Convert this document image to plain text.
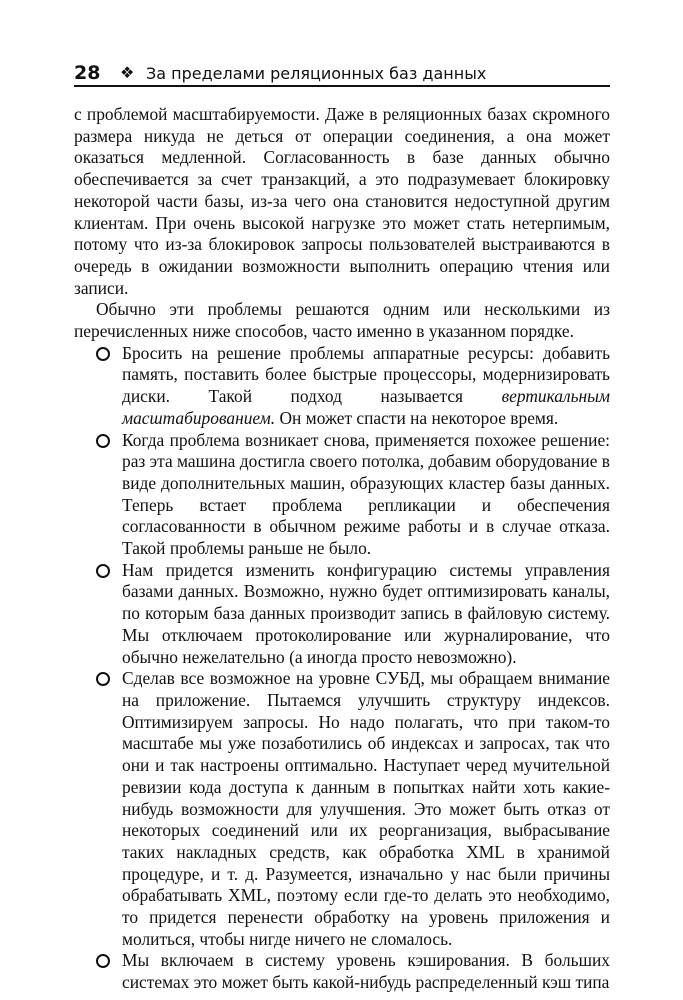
28 ❖ За пределами реляционных баз данных

с проблемой масштабируемости. Даже в реляционных базах скромного размера никуда не деться от операции соединения, а она может оказаться медленной. Согласованность в базе данных обычно обеспечивается за счет транзакций, а это подразумевает блокировку некоторой части базы, из-за чего она становится недоступной другим клиентам. При очень высокой нагрузке это может стать нетерпимым, потому что из-за блокировок запросы пользователей выстраиваются в очередь в ожидании возможности выполнить операцию чтения или записи.

Обычно эти проблемы решаются одним или несколькими из перечисленных ниже способов, часто именно в указанном порядке.

Бросить на решение проблемы аппаратные ресурсы: добавить память, поставить более быстрые процессоры, модернизировать диски. Такой подход называется вертикальным масштабированием. Он может спасти на некоторое время.
Когда проблема возникает снова, применяется похожее решение: раз эта машина достигла своего потолка, добавим оборудование в виде дополнительных машин, образующих кластер базы данных. Теперь встает проблема репликации и обеспечения согласованности в обычном режиме работы и в случае отказа. Такой проблемы раньше не было.
Нам придется изменить конфигурацию системы управления базами данных. Возможно, нужно будет оптимизировать каналы, по которым база данных производит запись в файловую систему. Мы отключаем протоколирование или журналирование, что обычно нежелательно (а иногда просто невозможно).
Сделав все возможное на уровне СУБД, мы обращаем внимание на приложение. Пытаемся улучшить структуру индексов. Оптимизируем запросы. Но надо полагать, что при таком-то масштабе мы уже позаботились об индексах и запросах, так что они и так настроены оптимально. Наступает черед мучительной ревизии кода доступа к данным в попытках найти хоть какие-нибудь возможности для улучшения. Это может быть отказ от некоторых соединений или их реорганизация, выбрасывание таких накладных средств, как обработка XML в хранимой процедуре, и т. д. Разумеется, изначально у нас были причины обрабатывать XML, поэтому если где-то делать это необходимо, то придется перенести обработку на уровень приложения и молиться, чтобы нигде ничего не сломалось.
Мы включаем в систему уровень кэширования. В больших системах это может быть какой-нибудь распределенный кэш типа
